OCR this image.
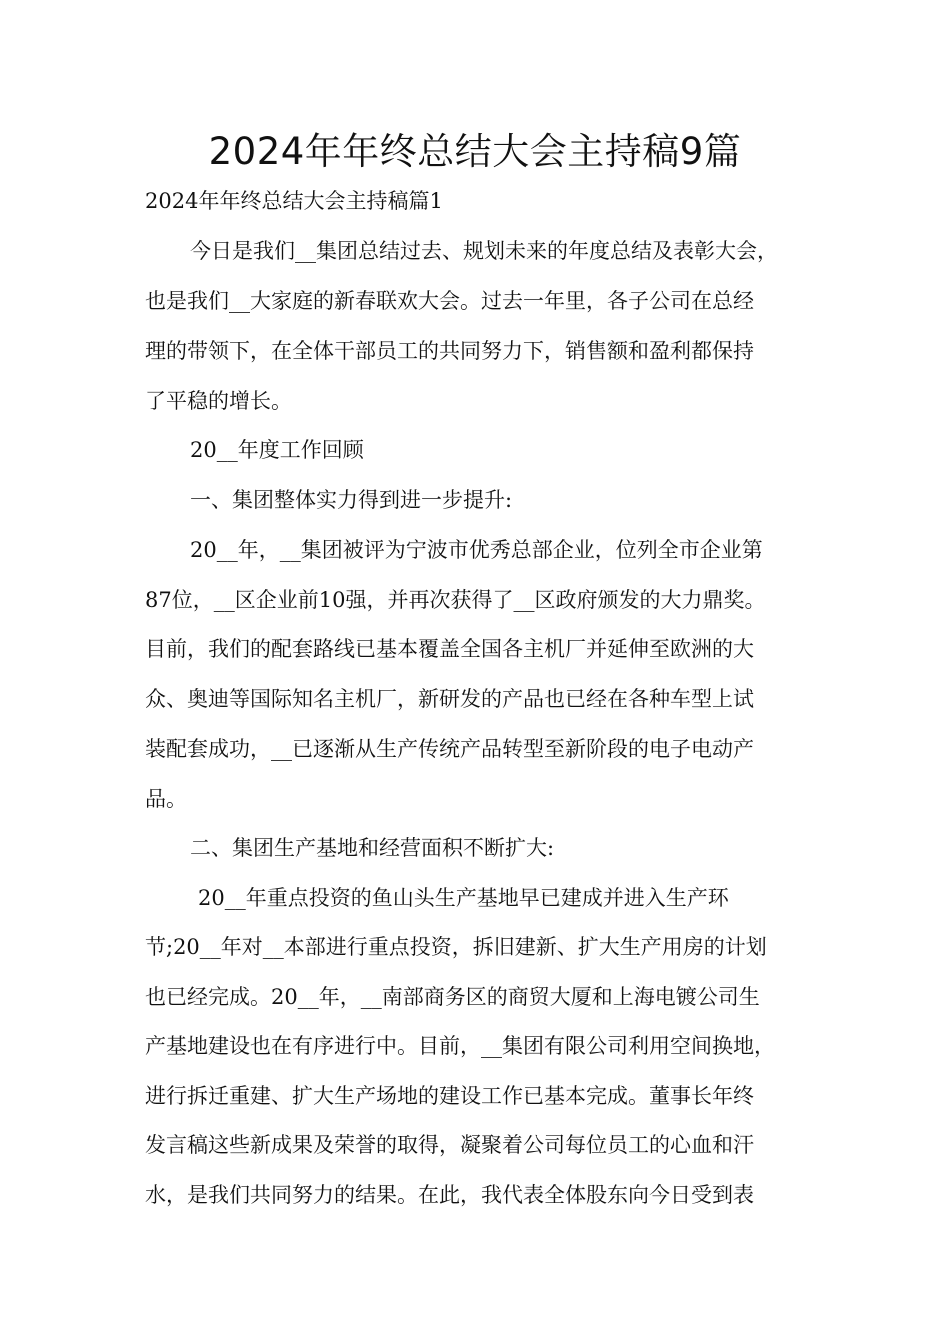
2024年年终总结大会主持稿9篇
2024年年终总结大会主持稿篇1
今日是我们__集团总结过去、规划未来的年度总结及表彰大会，
也是我们__大家庭的新春联欢大会。过去一年里，各子公司在总经
理的带领下，在全体干部员工的共同努力下，销售额和盈利都保持
了平稳的增长。
20__年度工作回顾
一、集团整体实力得到进一步提升:
20__年，__集团被评为宁波市优秀总部企业，位列全市企业第
87位，__区企业前10强，并再次获得了__区政府颁发的大力鼎奖。
目前，我们的配套路线已基本覆盖全国各主机厂并延伸至欧洲的大
众、奥迪等国际知名主机厂，新研发的产品也已经在各种车型上试
装配套成功，__已逐渐从生产传统产品转型至新阶段的电子电动产
品。
二、集团生产基地和经营面积不断扩大:
20__年重点投资的鱼山头生产基地早已建成并进入生产环
节;20__年对__本部进行重点投资，拆旧建新、扩大生产用房的计划
也已经完成。20__年，__南部商务区的商贸大厦和上海电镀公司生
产基地建设也在有序进行中。目前，__集团有限公司利用空间换地，
进行拆迁重建、扩大生产场地的建设工作已基本完成。董事长年终
发言稿这些新成果及荣誉的取得，凝聚着公司每位员工的心血和汗
水，是我们共同努力的结果。在此，我代表全体股东向今日受到表
